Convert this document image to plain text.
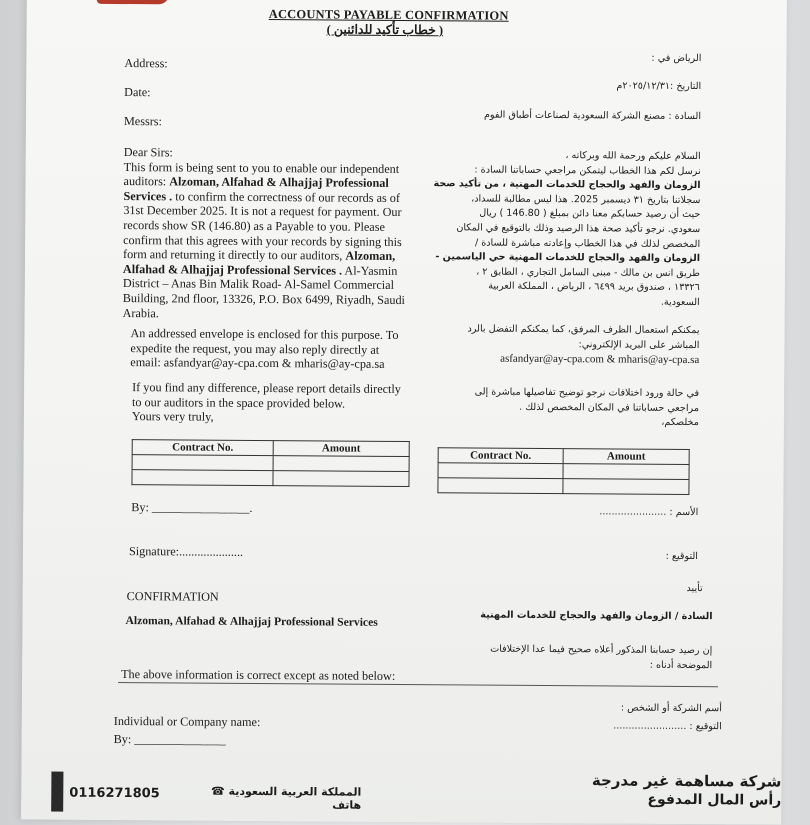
ACCOUNTS PAYABLE CONFIRMATION
( خطاب تأكيد للدائنين )
Address:
Date:
Messrs:
الرياض في :
التاريخ :٢٠٢٥/١٢/٣١م
السادة : مصنع الشركة السعودية لصناعات أطباق الفوم
Dear Sirs:
This form is being sent to you to enable our independent
auditors: Alzoman, Alfahad & Alhajjaj Professional
Services . to confirm the correctness of our records as of
31st December 2025. It is not a request for payment. Our
records show SR (146.80) as a Payable to you. Please
confirm that this agrees with your records by signing this
form and returning it directly to our auditors, Alzoman,
Alfahad & Alhajjaj Professional Services . Al-Yasmin
District – Anas Bin Malik Road- Al-Samel Commercial
Building, 2nd floor, 13326, P.O. Box 6499, Riyadh, Saudi
Arabia.
An addressed envelope is enclosed for this purpose. To
expedite the request, you may also reply directly at
email: asfandyar@ay-cpa.com & mharis@ay-cpa.sa
If you find any difference, please report details directly
to our auditors in the space provided below.
Yours very truly,
السلام عليكم ورحمة الله وبركاته ،
نرسل لكم هذا الخطاب ليتمكن مراجعي حساباتنا السادة :
الزومان والفهد والحجاج للخدمات المهنية ، من تأكيد صحة
سجلاتنا بتاريخ ٣١ ديسمبر 2025. هذا ليس مطالبة للسداد،
حيث أن رصيد حسابكم معنا دائن بمبلغ ( 146.80 ) ريال
سعودي. نرجو تأكيد صحة هذا الرصيد وذلك بالتوقيع في المكان
المخصص لذلك في هذا الخطاب وإعادته مباشرة للسادة /
الزومان والفهد والحجاج للخدمات المهنية حي الياسمين -
طريق انس بن مالك - مبنى السامل التجاري ، الطابق ٢ ،
١٣٣٢٦ ، صندوق بريد ٦٤٩٩ ، الرياض ، المملكة العربية
السعودية.
يمكنكم استعمال الظرف المرفق، كما يمكنكم التفضل بالرد
المباشر على البريد الإلكتروني:
asfandyar@ay-cpa.com & mharis@ay-cpa.sa
في حالة ورود اختلافات نرجو توضيح تفاصيلها مباشرة إلى
مراجعي حساباتنا في المكان المخصص لذلك .
مخلصكم،
Contract No.	Amount

Contract No.	Amount

By: ________________.	الأسم : ......................
Signature:.....................	التوقيع :
تأييد
CONFIRMATION
Alzoman, Alfahad & Alhajjaj Professional Services	السادة / الزومان والفهد والحجاج للخدمات المهنية
إن رصيد حسابنا المذكور أعلاه صحيح فيما عدا الإختلافات
الموضحة أدناه :
The above information is correct except as noted below:
Individual or Company name:
By: _______________
أسم الشركة أو الشخص :
التوقيع : ........................
0116271805	المملكة العربية السعودية ☎ هاتف
شركة مساهمة غير مدرجة
رأس المال المدفوع
